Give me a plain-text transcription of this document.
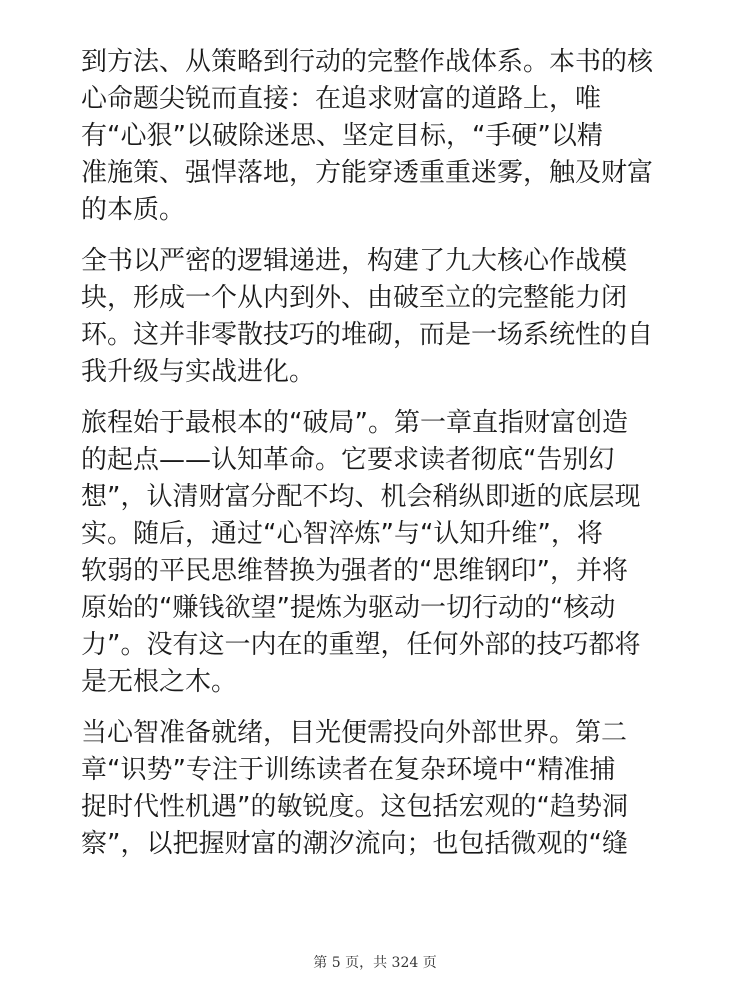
到方法、从策略到行动的完整作战体系。本书的核
心命题尖锐而直接：在追求财富的道路上，唯
有“心狠”以破除迷思、坚定目标，“手硬”以精
准施策、强悍落地，方能穿透重重迷雾，触及财富
的本质。
全书以严密的逻辑递进，构建了九大核心作战模
块，形成一个从内到外、由破至立的完整能力闭
环。这并非零散技巧的堆砌，而是一场系统性的自
我升级与实战进化。
旅程始于最根本的“破局”。第一章直指财富创造
的起点——认知革命。它要求读者彻底“告别幻
想”，认清财富分配不均、机会稍纵即逝的底层现
实。随后，通过“心智淬炼”与“认知升维”，将
软弱的平民思维替换为强者的“思维钢印”，并将
原始的“赚钱欲望”提炼为驱动一切行动的“核动
力”。没有这一内在的重塑，任何外部的技巧都将
是无根之木。
当心智准备就绪，目光便需投向外部世界。第二
章“识势”专注于训练读者在复杂环境中“精准捕
捉时代性机遇”的敏锐度。这包括宏观的“趋势洞
察”，以把握财富的潮汐流向；也包括微观的“缝
第 5 页，共 324 页
